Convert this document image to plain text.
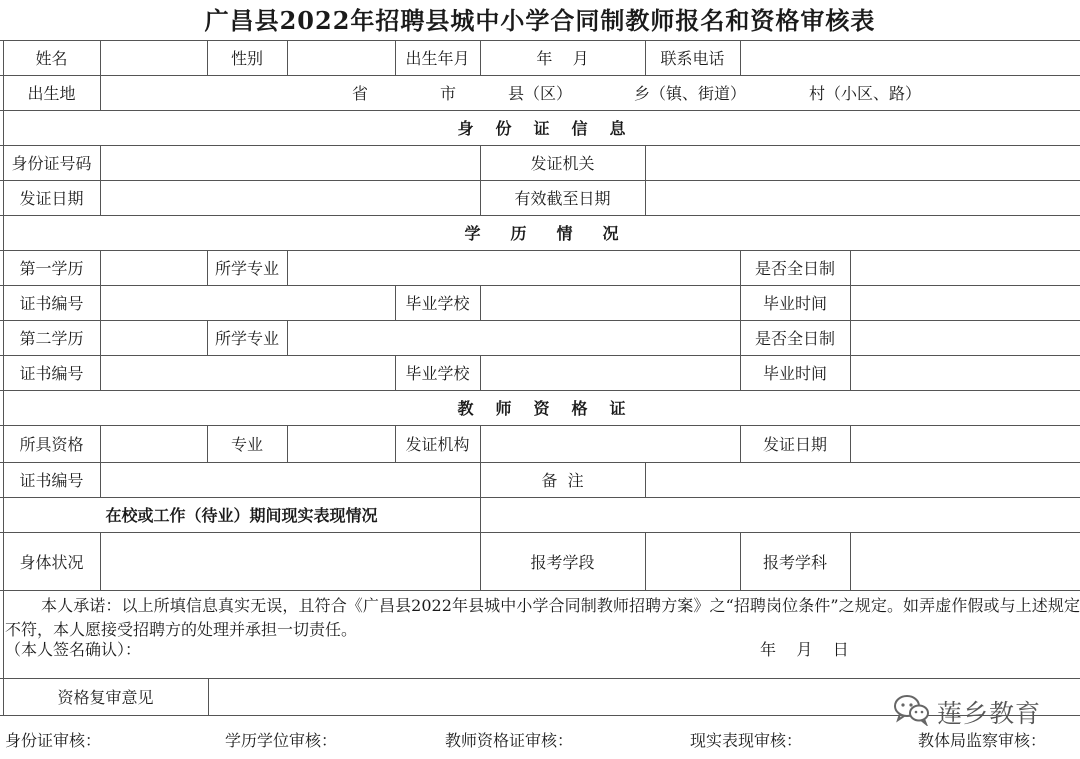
广昌县2022年招聘县城中小学合同制教师报名和资格审核表
姓名	性别	出生年月	年    月	联系电话
出生地	省	市	县（区）	乡（镇、街道）	村（小区、路）
身份证信息
身份证号码	发证机关
发证日期	有效截至日期
学历情况
第一学历	所学专业	是否全日制
证书编号	毕业学校	毕业时间
第二学历	所学专业	是否全日制
证书编号	毕业学校	毕业时间
教师资格证
所具资格	专业	发证机构	发证日期
证书编号	备  注
在校或工作（待业）期间现实表现情况
身体状况	报考学段	报考学科
本人承诺：以上所填信息真实无误，且符合《广昌县2022年县城中小学合同制教师招聘方案》之“招聘岗位条件”之规定。如弄虚作假或与上述规定不符，本人愿接受招聘方的处理并承担一切责任。
（本人签名确认）：	年    月    日
资格复审意见
莲乡教育
身份证审核：	学历学位审核：	教师资格证审核：	现实表现审核：	教体局监察审核：
